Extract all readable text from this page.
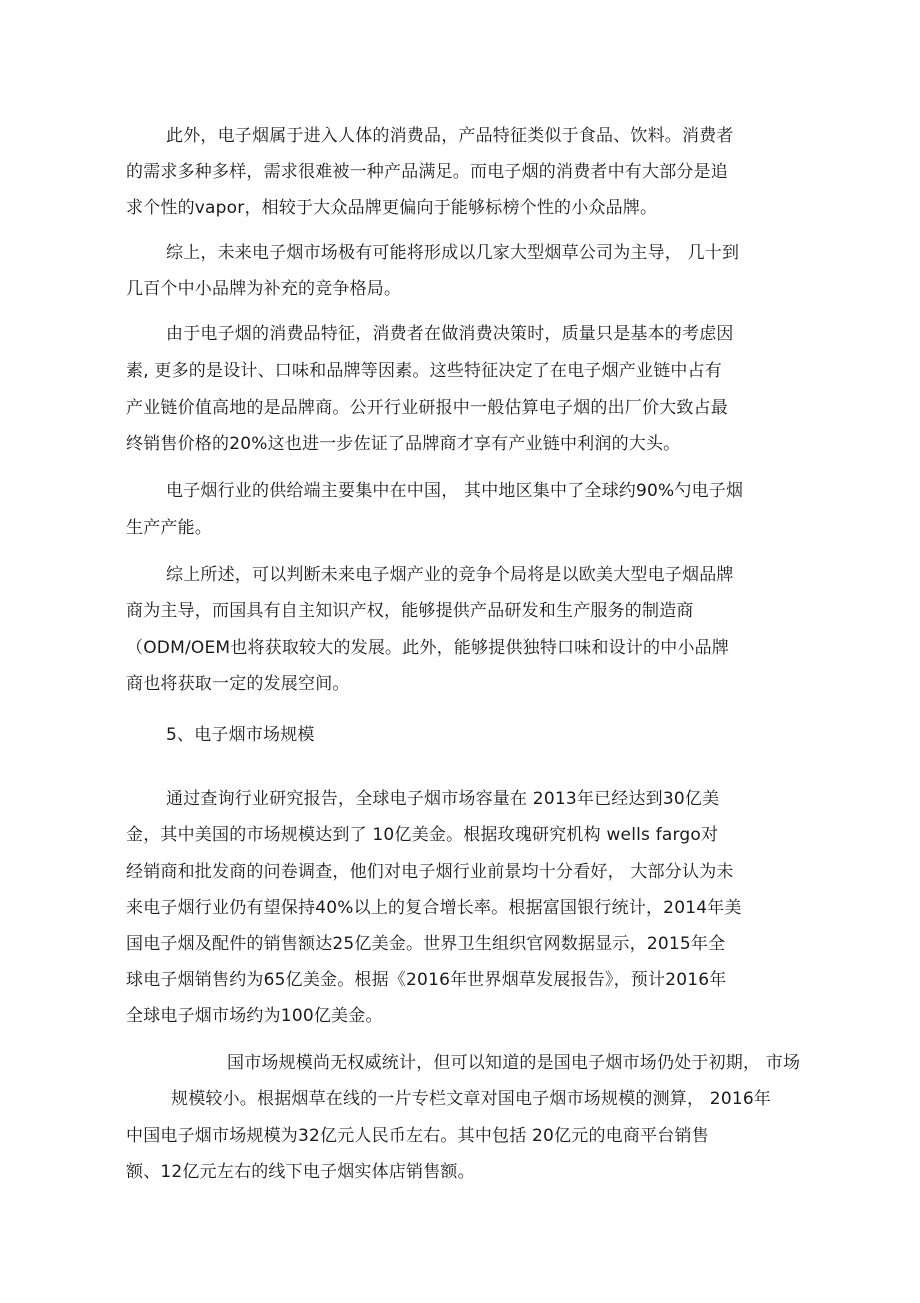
此外，电子烟属于进入人体的消费品，产品特征类似于食品、饮料。消费者
的需求多种多样，需求很难被一种产品满足。而电子烟的消费者中有大部分是追
求个性的vapor，相较于大众品牌更偏向于能够标榜个性的小众品牌。
综上，未来电子烟市场极有可能将形成以几家大型烟草公司为主导， 几十到
几百个中小品牌为补充的竞争格局。
由于电子烟的消费品特征，消费者在做消费决策时，质量只是基本的考虑因
素, 更多的是设计、口味和品牌等因素。这些特征决定了在电子烟产业链中占有
产业链价值高地的是品牌商。公开行业研报中一般估算电子烟的出厂价大致占最
终销售价格的20%这也进一步佐证了品牌商才享有产业链中利润的大头。
电子烟行业的供给端主要集中在中国， 其中地区集中了全球约90%勺电子烟
生产产能。
综上所述，可以判断未来电子烟产业的竞争个局将是以欧美大型电子烟品牌
商为主导，而国具有自主知识产权，能够提供产品研发和生产服务的制造商
（ODM/OEM也将获取较大的发展。此外，能够提供独特口味和设计的中小品牌
商也将获取一定的发展空间。
5、电子烟市场规模
通过查询行业研究报告，全球电子烟市场容量在 2013年已经达到30亿美
金，其中美国的市场规模达到了 10亿美金。根据玫瑰研究机构 wells fargo对
经销商和批发商的问卷调查，他们对电子烟行业前景均十分看好， 大部分认为未
来电子烟行业仍有望保持40%以上的复合增长率。根据富国银行统计，2014年美
国电子烟及配件的销售额达25亿美金。世界卫生组织官网数据显示，2015年全
球电子烟销售约为65亿美金。根据《2016年世界烟草发展报告》，预计2016年
全球电子烟市场约为100亿美金。
国市场规模尚无权威统计，但可以知道的是国电子烟市场仍处于初期， 市场
规模较小。根据烟草在线的一片专栏文章对国电子烟市场规模的测算， 2016年
中国电子烟市场规模为32亿元人民币左右。其中包括 20亿元的电商平台销售
额、12亿元左右的线下电子烟实体店销售额。
